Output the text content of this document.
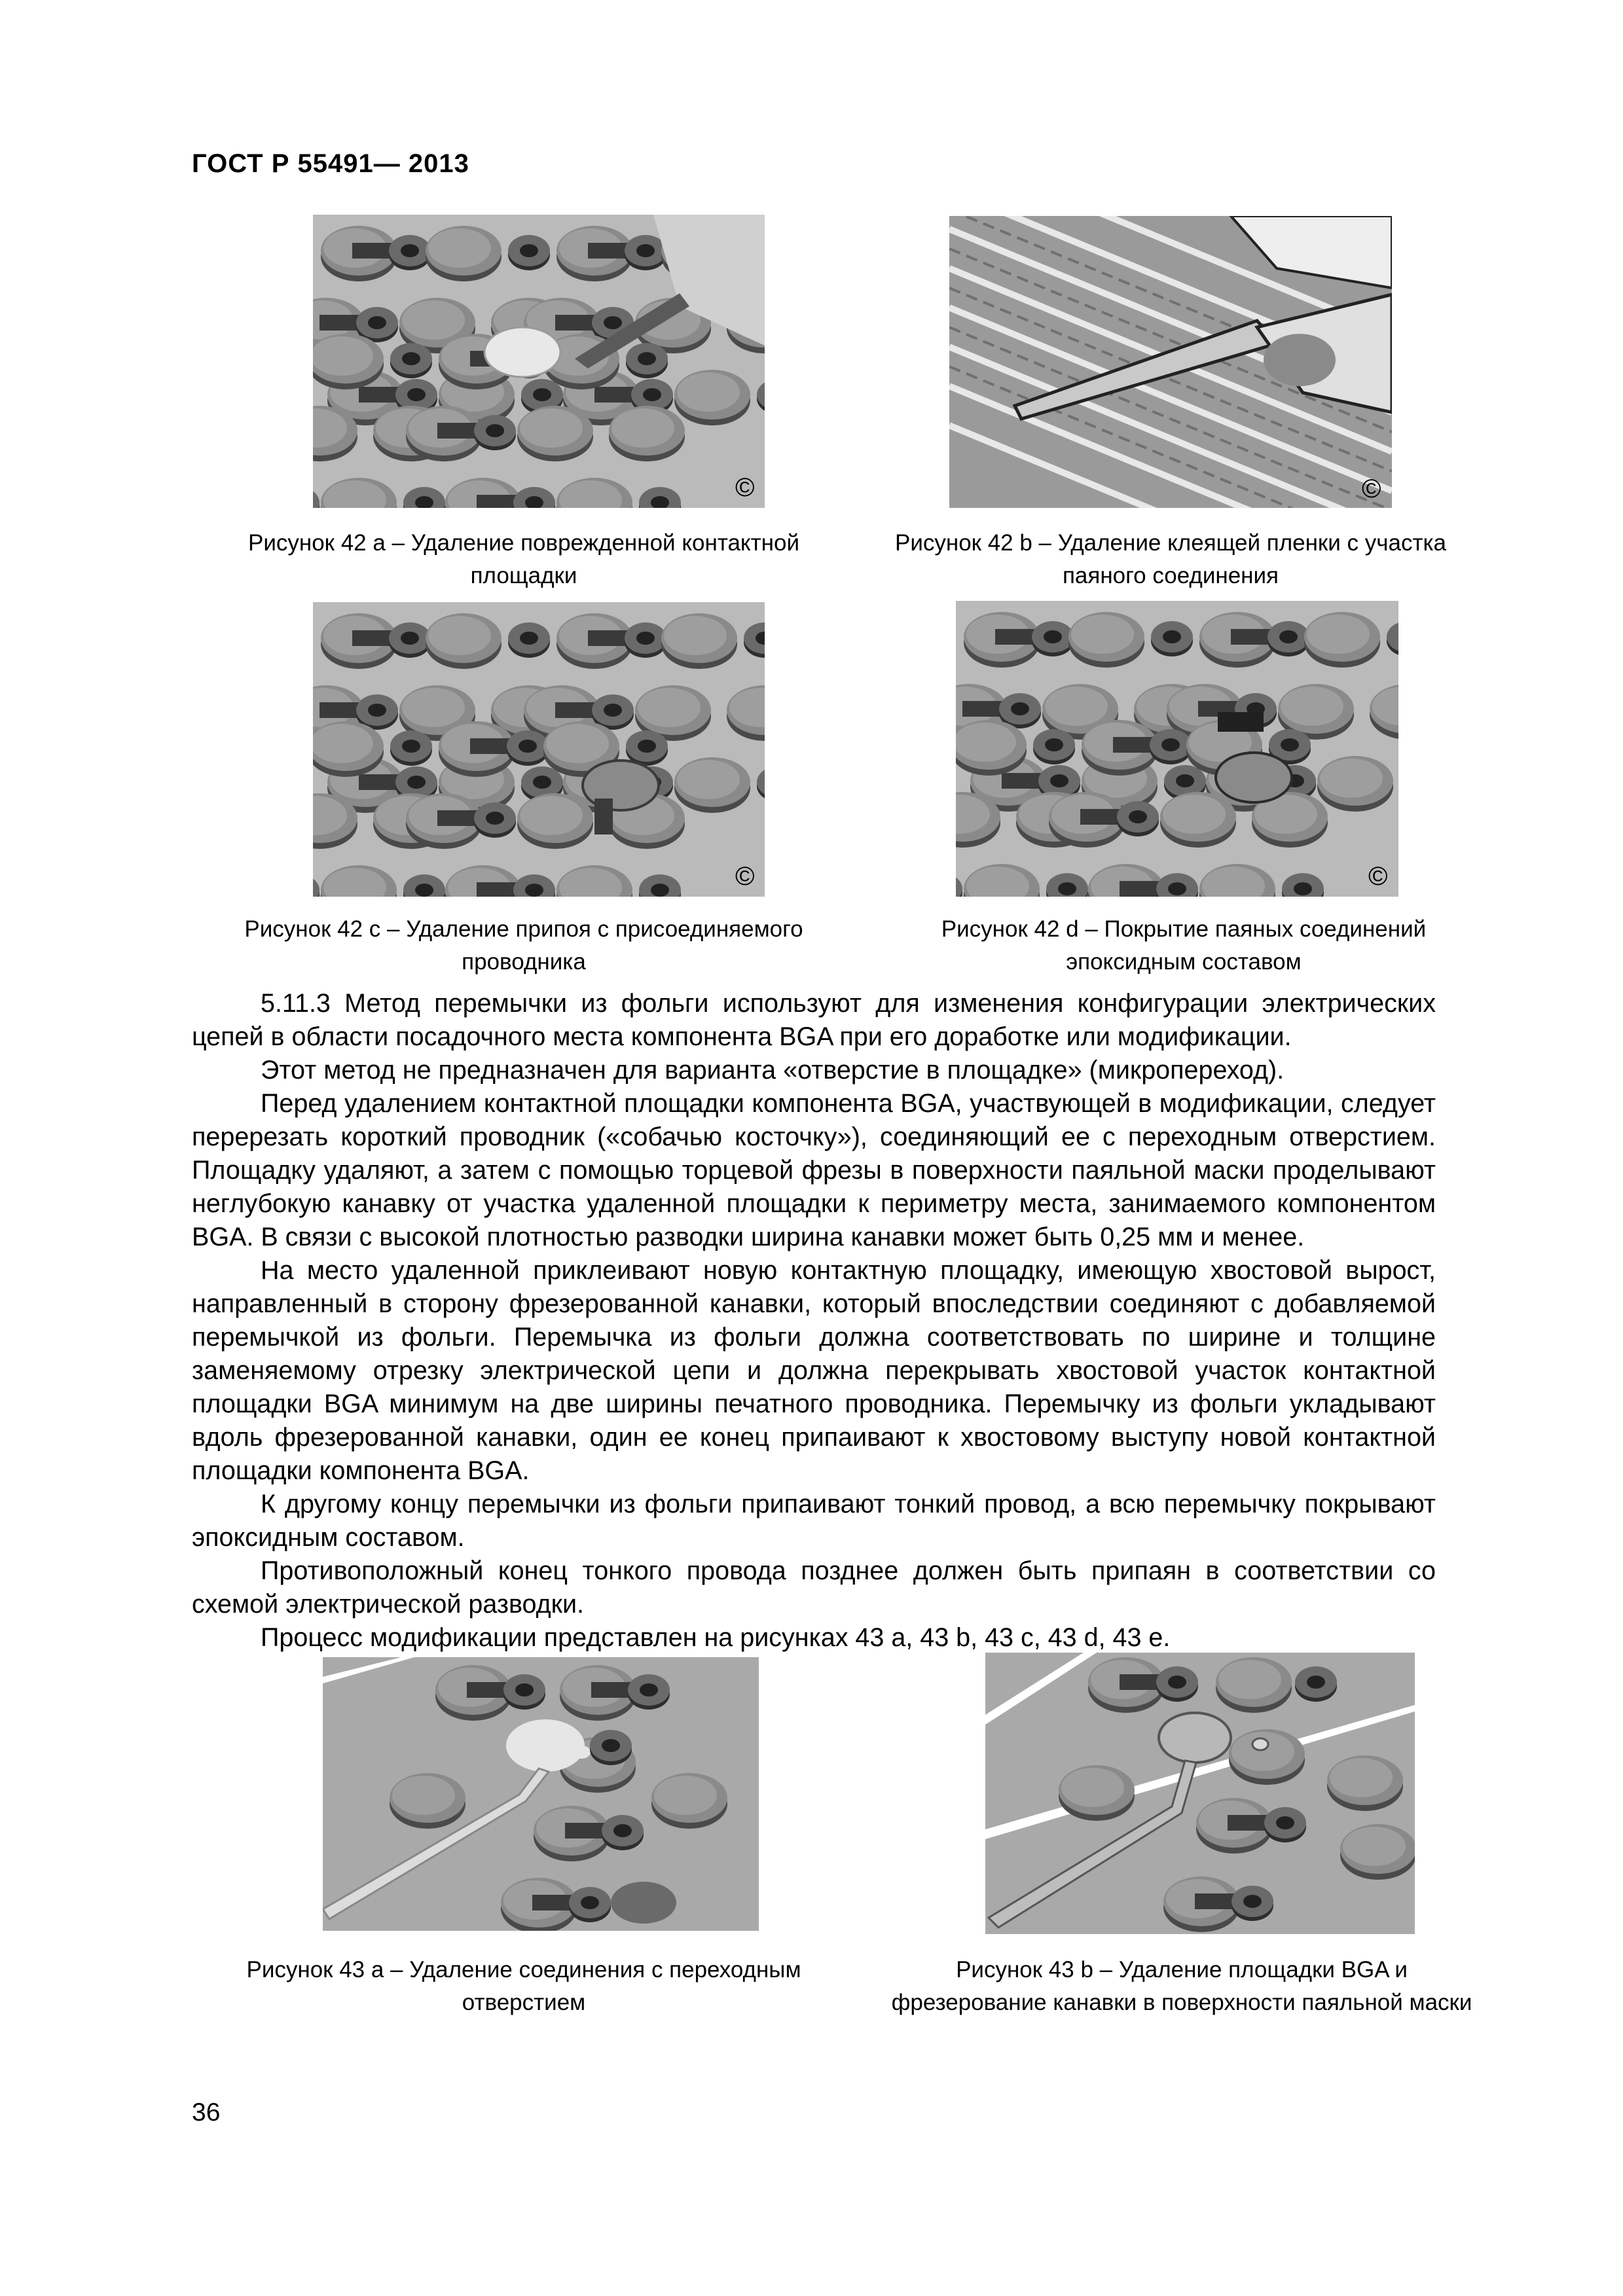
ГОСТ Р 55491— 2013
©
Рисунок 42 а – Удаление поврежденной контактной площадки
©
Рисунок 42 b – Удаление клеящей пленки с участка паяного соединения
©
Рисунок 42 с – Удаление припоя с присоединяемого проводника
©
Рисунок 42 d – Покрытие паяных соединений эпоксидным составом

5.11.3 Метод перемычки из фольги используют для изменения конфигурации электрических цепей в области посадочного места компонента BGA при его доработке или модификации.

Этот метод не предназначен для варианта «отверстие в площадке» (микропереход).

Перед удалением контактной площадки компонента BGA, участвующей в модификации, следует перерезать короткий проводник («собачью косточку»), соединяющий ее с переходным отверстием. Площадку удаляют, а затем с помощью торцевой фрезы в поверхности паяльной маски проделывают неглубокую канавку от участка удаленной площадки к периметру места, занимаемого компонентом BGA. В связи с высокой плотностью разводки ширина канавки может быть 0,25 мм и менее.

На место удаленной приклеивают новую контактную площадку, имеющую хвостовой вырост, направленный в сторону фрезерованной канавки, который впоследствии соединяют с добавляемой перемычкой из фольги. Перемычка из фольги должна соответствовать по ширине и толщине заменяемому отрезку электрической цепи и должна перекрывать хвостовой участок контактной площадки BGA минимум на две ширины печатного проводника. Перемычку из фольги укладывают вдоль фрезерованной канавки, один ее конец припаивают к хвостовому выступу новой контактной площадки компонента BGA.

К другому концу перемычки из фольги припаивают тонкий провод, а всю перемычку покрывают эпоксидным составом.

Противоположный конец тонкого провода позднее должен быть припаян в соответствии со схемой электрической разводки.

Процесс модификации представлен на рисунках 43 а, 43 b, 43 с, 43 d, 43 е.

Рисунок 43 а – Удаление соединения с переходным отверстием
Рисунок 43 b – Удаление площадки BGA и фрезерование канавки в поверхности паяльной маски
36
